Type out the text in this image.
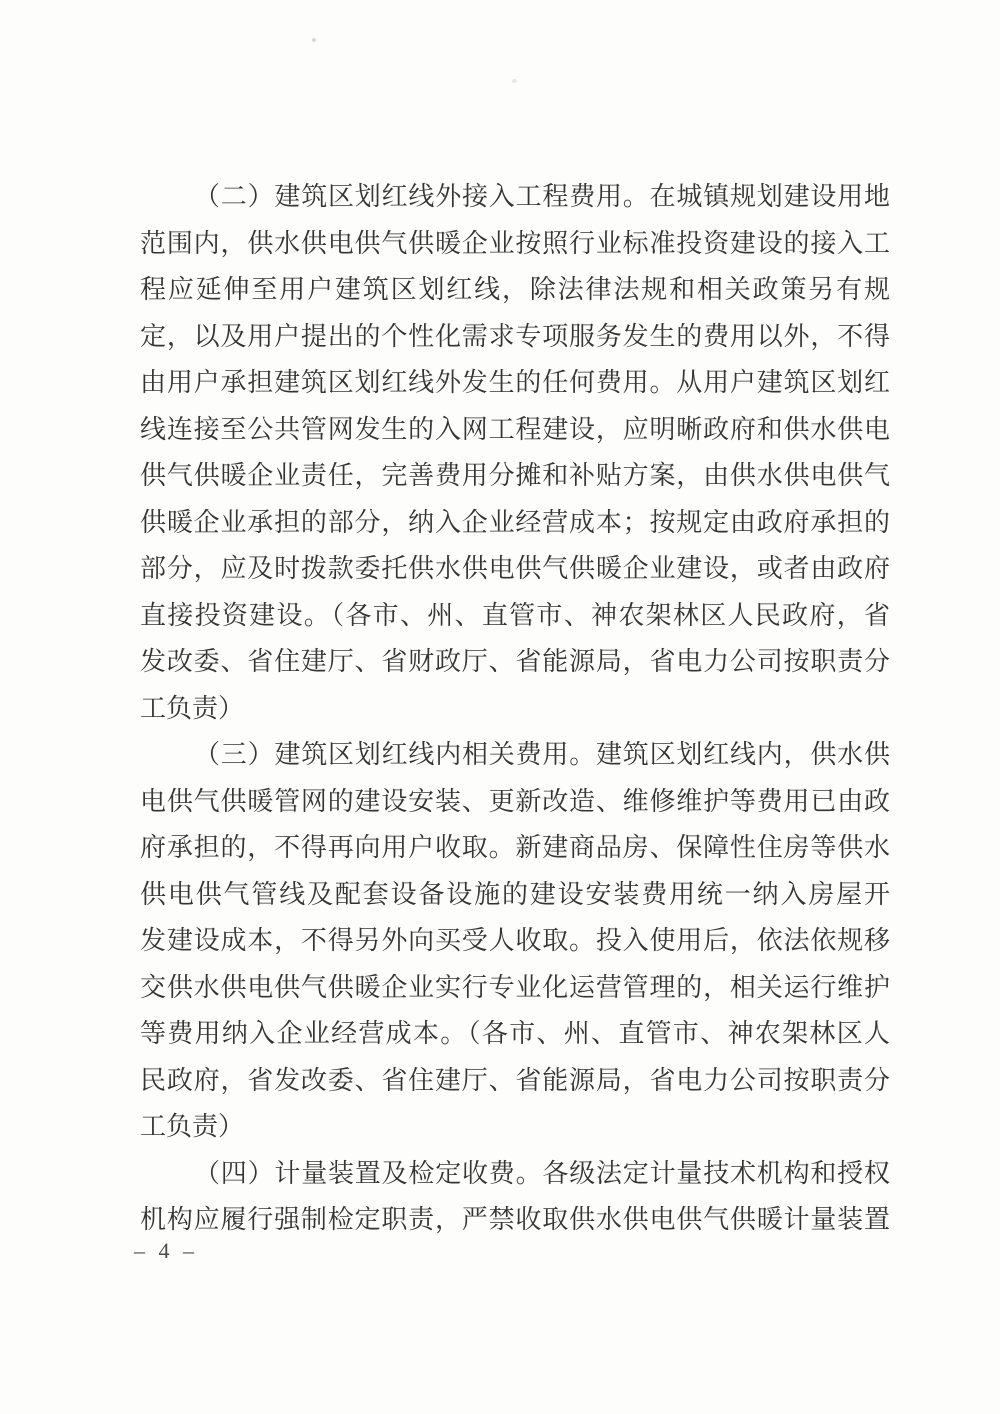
（二）建筑区划红线外接入工程费用。在城镇规划建设用地

范围内，供水供电供气供暖企业按照行业标准投资建设的接入工

程应延伸至用户建筑区划红线，除法律法规和相关政策另有规

定，以及用户提出的个性化需求专项服务发生的费用以外，不得

由用户承担建筑区划红线外发生的任何费用。从用户建筑区划红

线连接至公共管网发生的入网工程建设，应明晰政府和供水供电

供气供暖企业责任，完善费用分摊和补贴方案，由供水供电供气

供暖企业承担的部分，纳入企业经营成本；按规定由政府承担的

部分，应及时拨款委托供水供电供气供暖企业建设，或者由政府

直接投资建设。（各市、州、直管市、神农架林区人民政府，省

发改委、省住建厅、省财政厅、省能源局，省电力公司按职责分

工负责）

（三）建筑区划红线内相关费用。建筑区划红线内，供水供

电供气供暖管网的建设安装、更新改造、维修维护等费用已由政

府承担的，不得再向用户收取。新建商品房、保障性住房等供水

供电供气管线及配套设备设施的建设安装费用统一纳入房屋开

发建设成本，不得另外向买受人收取。投入使用后，依法依规移

交供水供电供气供暖企业实行专业化运营管理的，相关运行维护

等费用纳入企业经营成本。（各市、州、直管市、神农架林区人

民政府，省发改委、省住建厅、省能源局，省电力公司按职责分

工负责）

（四）计量装置及检定收费。各级法定计量技术机构和授权

机构应履行强制检定职责，严禁收取供水供电供气供暖计量装置

– 4 –
